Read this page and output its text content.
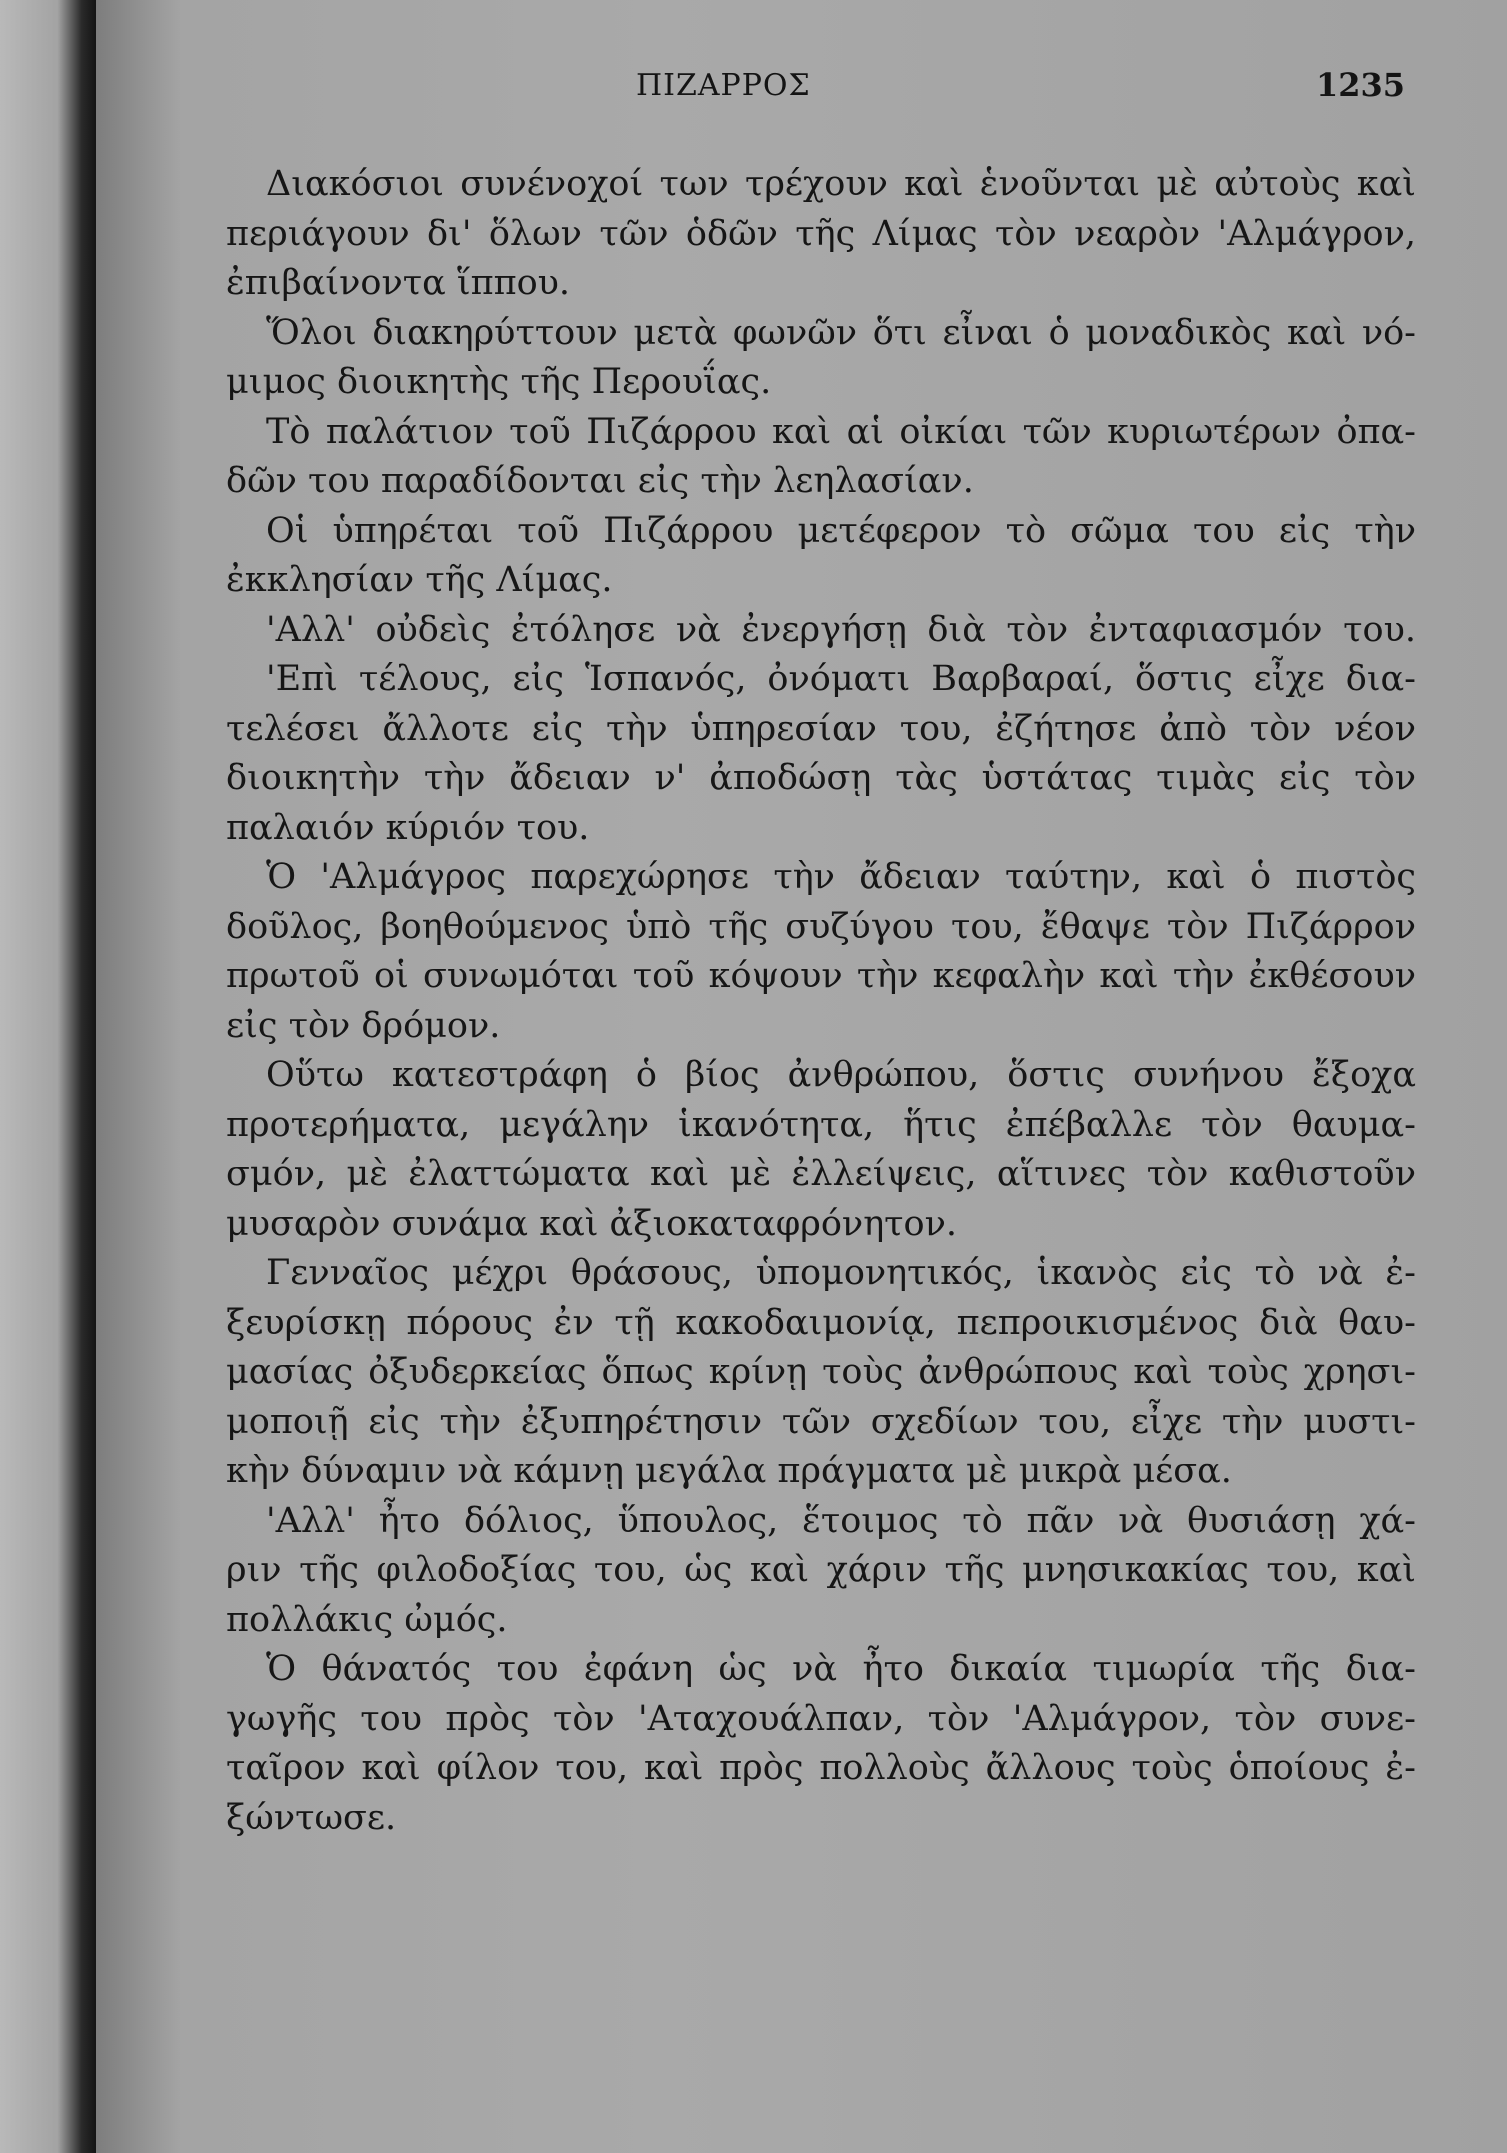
ΠΙΖΑΡΡΟΣ	1235
Διακόσιοι συνένοχοί των τρέχουν καὶ ἑνοῦνται μὲ αὐτοὺς καὶ
περιάγουν δι' ὅλων τῶν ὁδῶν τῆς Λίμας τὸν νεαρὸν 'Αλμάγρον,
ἐπιβαίνοντα ἵππου.
Ὅλοι διακηρύττουν μετὰ φωνῶν ὅτι εἶναι ὁ μοναδικὸς καὶ νό-
μιμος διοικητὴς τῆς Περουΐας.
Τὸ παλάτιον τοῦ Πιζάρρου καὶ αἱ οἰκίαι τῶν κυριωτέρων ὀπα-
δῶν του παραδίδονται εἰς τὴν λεηλασίαν.
Οἱ ὑπηρέται τοῦ Πιζάρρου μετέφερον τὸ σῶμα του εἰς τὴν
ἐκκλησίαν τῆς Λίμας.
'Αλλ' οὐδεὶς ἐτόλησε νὰ ἐνεργήσῃ διὰ τὸν ἐνταφιασμόν του.
'Επὶ τέλους, εἰς Ἱσπανός, ὀνόματι Βαρβαραί, ὅστις εἶχε δια-
τελέσει ἄλλοτε εἰς τὴν ὑπηρεσίαν του, ἐζήτησε ἀπὸ τὸν νέον
διοικητὴν τὴν ἄδειαν ν' ἀποδώσῃ τὰς ὑστάτας τιμὰς εἰς τὸν
παλαιόν κύριόν του.
Ὁ 'Αλμάγρος παρεχώρησε τὴν ἄδειαν ταύτην, καὶ ὁ πιστὸς
δοῦλος, βοηθούμενος ὑπὸ τῆς συζύγου του, ἔθαψε τὸν Πιζάρρον
πρωτοῦ οἱ συνωμόται τοῦ κόψουν τὴν κεφαλὴν καὶ τὴν ἐκθέσουν
εἰς τὸν δρόμον.
Οὕτω κατεστράφη ὁ βίος ἀνθρώπου, ὅστις συνήνου ἔξοχα
προτερήματα, μεγάλην ἱκανότητα, ἥτις ἐπέβαλλε τὸν θαυμα-
σμόν, μὲ ἐλαττώματα καὶ μὲ ἐλλείψεις, αἵτινες τὸν καθιστοῦν
μυσαρὸν συνάμα καὶ ἀξιοκαταφρόνητον.
Γενναῖος μέχρι θράσους, ὑπομονητικός, ἱκανὸς εἰς τὸ νὰ ἐ-
ξευρίσκῃ πόρους ἐν τῇ κακοδαιμονίᾳ, πεπροικισμένος διὰ θαυ-
μασίας ὀξυδερκείας ὅπως κρίνῃ τοὺς ἀνθρώπους καὶ τοὺς χρησι-
μοποιῇ εἰς τὴν ἐξυπηρέτησιν τῶν σχεδίων του, εἶχε τὴν μυστι-
κὴν δύναμιν νὰ κάμνῃ μεγάλα πράγματα μὲ μικρὰ μέσα.
'Αλλ' ἦτο δόλιος, ὕπουλος, ἕτοιμος τὸ πᾶν νὰ θυσιάσῃ χά-
ριν τῆς φιλοδοξίας του, ὡς καὶ χάριν τῆς μνησικακίας του, καὶ
πολλάκις ὠμός.
Ὁ θάνατός του ἐφάνη ὡς νὰ ἦτο δικαία τιμωρία τῆς δια-
γωγῆς του πρὸς τὸν 'Αταχουάλπαν, τὸν 'Αλμάγρον, τὸν συνε-
ταῖρον καὶ φίλον του, καὶ πρὸς πολλοὺς ἄλλους τοὺς ὁποίους ἐ-
ξώντωσε.
